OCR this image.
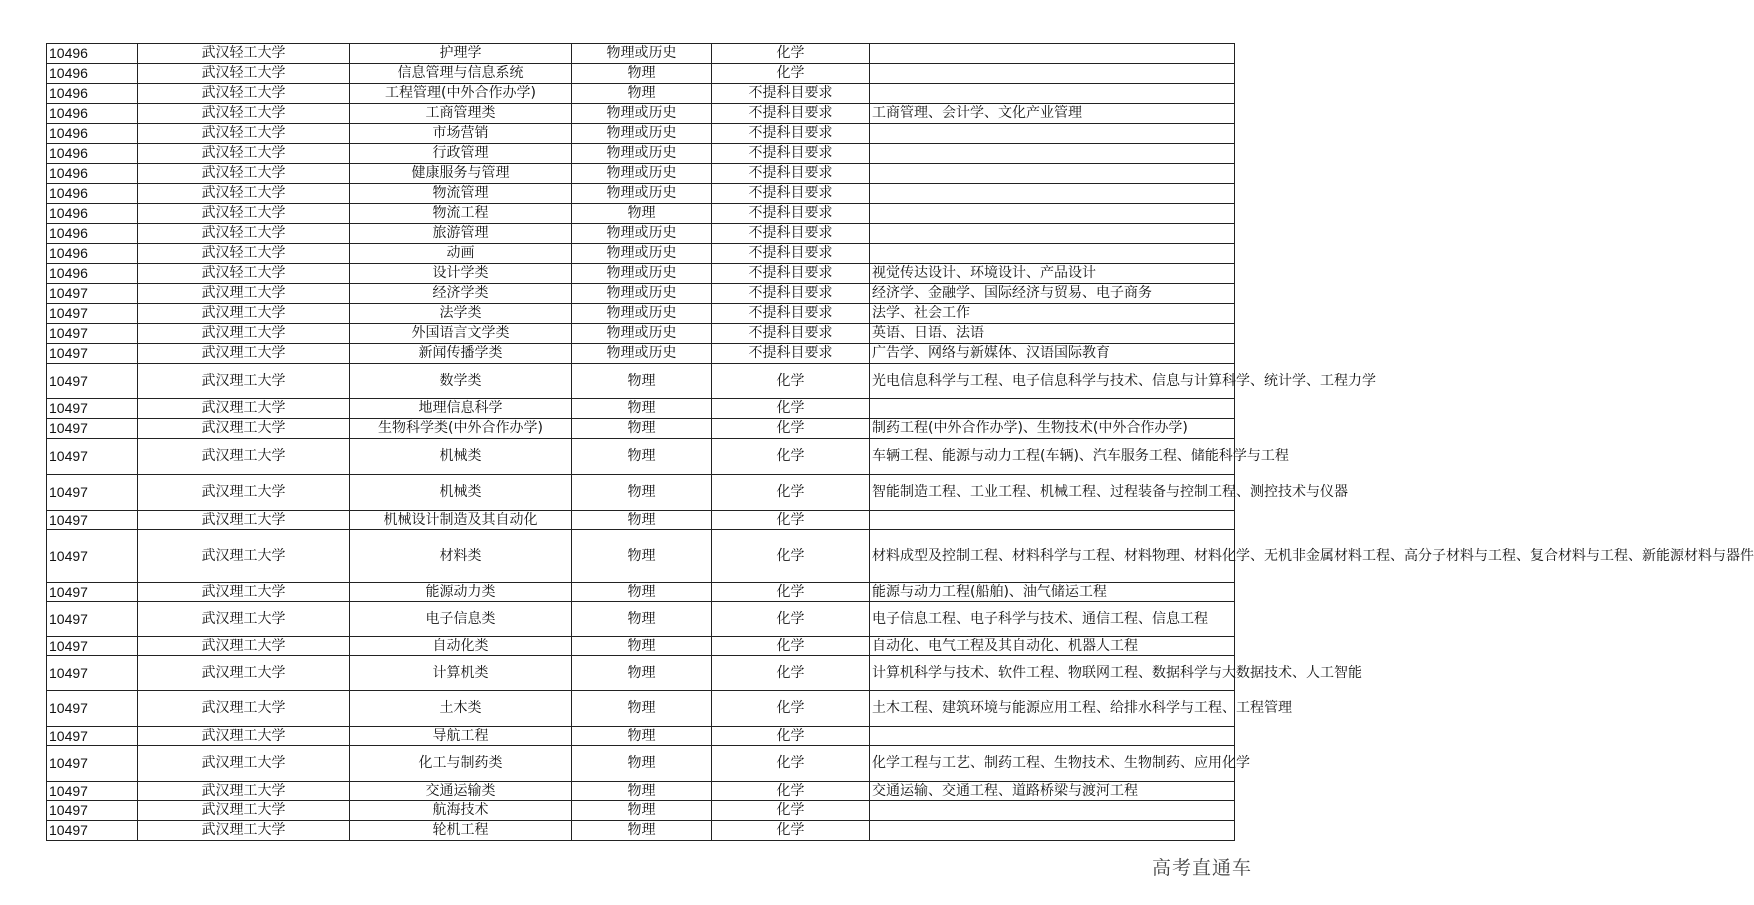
10496	武汉轻工大学	护理学	物理或历史	化学	
10496	武汉轻工大学	信息管理与信息系统	物理	化学	
10496	武汉轻工大学	工程管理(中外合作办学)	物理	不提科目要求	
10496	武汉轻工大学	工商管理类	物理或历史	不提科目要求	工商管理、会计学、文化产业管理
10496	武汉轻工大学	市场营销	物理或历史	不提科目要求	
10496	武汉轻工大学	行政管理	物理或历史	不提科目要求	
10496	武汉轻工大学	健康服务与管理	物理或历史	不提科目要求	
10496	武汉轻工大学	物流管理	物理或历史	不提科目要求	
10496	武汉轻工大学	物流工程	物理	不提科目要求	
10496	武汉轻工大学	旅游管理	物理或历史	不提科目要求	
10496	武汉轻工大学	动画	物理或历史	不提科目要求	
10496	武汉轻工大学	设计学类	物理或历史	不提科目要求	视觉传达设计、环境设计、产品设计
10497	武汉理工大学	经济学类	物理或历史	不提科目要求	经济学、金融学、国际经济与贸易、电子商务
10497	武汉理工大学	法学类	物理或历史	不提科目要求	法学、社会工作
10497	武汉理工大学	外国语言文学类	物理或历史	不提科目要求	英语、日语、法语
10497	武汉理工大学	新闻传播学类	物理或历史	不提科目要求	广告学、网络与新媒体、汉语国际教育
10497	武汉理工大学	数学类	物理	化学	光电信息科学与工程、电子信息科学与技术、信息与计算科学、统计学、工程力学
10497	武汉理工大学	地理信息科学	物理	化学	
10497	武汉理工大学	生物科学类(中外合作办学)	物理	化学	制药工程(中外合作办学)、生物技术(中外合作办学)
10497	武汉理工大学	机械类	物理	化学	车辆工程、能源与动力工程(车辆)、汽车服务工程、储能科学与工程
10497	武汉理工大学	机械类	物理	化学	智能制造工程、工业工程、机械工程、过程装备与控制工程、测控技术与仪器
10497	武汉理工大学	机械设计制造及其自动化	物理	化学	
10497	武汉理工大学	材料类	物理	化学	材料成型及控制工程、材料科学与工程、材料物理、材料化学、无机非金属材料工程、高分子材料与工程、复合材料与工程、新能源材料与器件
10497	武汉理工大学	能源动力类	物理	化学	能源与动力工程(船舶)、油气储运工程
10497	武汉理工大学	电子信息类	物理	化学	电子信息工程、电子科学与技术、通信工程、信息工程
10497	武汉理工大学	自动化类	物理	化学	自动化、电气工程及其自动化、机器人工程
10497	武汉理工大学	计算机类	物理	化学	计算机科学与技术、软件工程、物联网工程、数据科学与大数据技术、人工智能
10497	武汉理工大学	土木类	物理	化学	土木工程、建筑环境与能源应用工程、给排水科学与工程、工程管理
10497	武汉理工大学	导航工程	物理	化学	
10497	武汉理工大学	化工与制药类	物理	化学	化学工程与工艺、制药工程、生物技术、生物制药、应用化学
10497	武汉理工大学	交通运输类	物理	化学	交通运输、交通工程、道路桥梁与渡河工程
10497	武汉理工大学	航海技术	物理	化学	
10497	武汉理工大学	轮机工程	物理	化学	
高考直通车
